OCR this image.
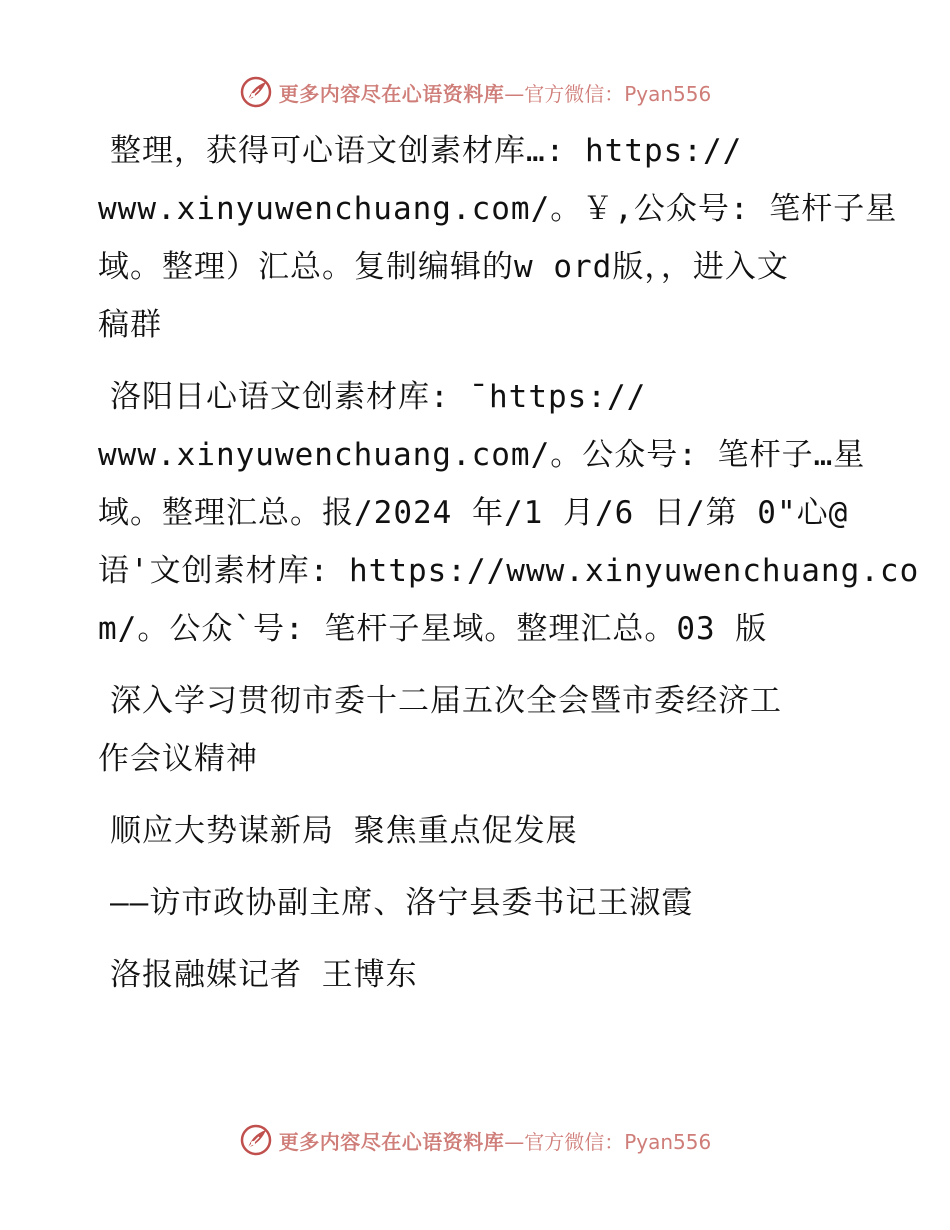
更多内容尽在心语资料库 —官方微信：Pyan556
整理，获得可心语文创素材库…: https://
www.xinyuwenchuang.com/。￥,公众号: 笔杆子星
域。整理）汇总。复制编辑的w ord版，，进入文
稿群
洛阳日心语文创素材库: ¯https://
www.xinyuwenchuang.com/。公众号: 笔杆子…星
域。整理汇总。报/2024 年/1 月/6 日/第 0"心@
语'文创素材库: https://www.xinyuwenchuang.co
m/。公众`号: 笔杆子星域。整理汇总。03 版
深入学习贯彻市委十二届五次全会暨市委经济工
作会议精神
顺应大势谋新局 聚焦重点促发展
——访市政协副主席、洛宁县委书记王淑霞
洛报融媒记者 王博东
更多内容尽在心语资料库 —官方微信：Pyan556
